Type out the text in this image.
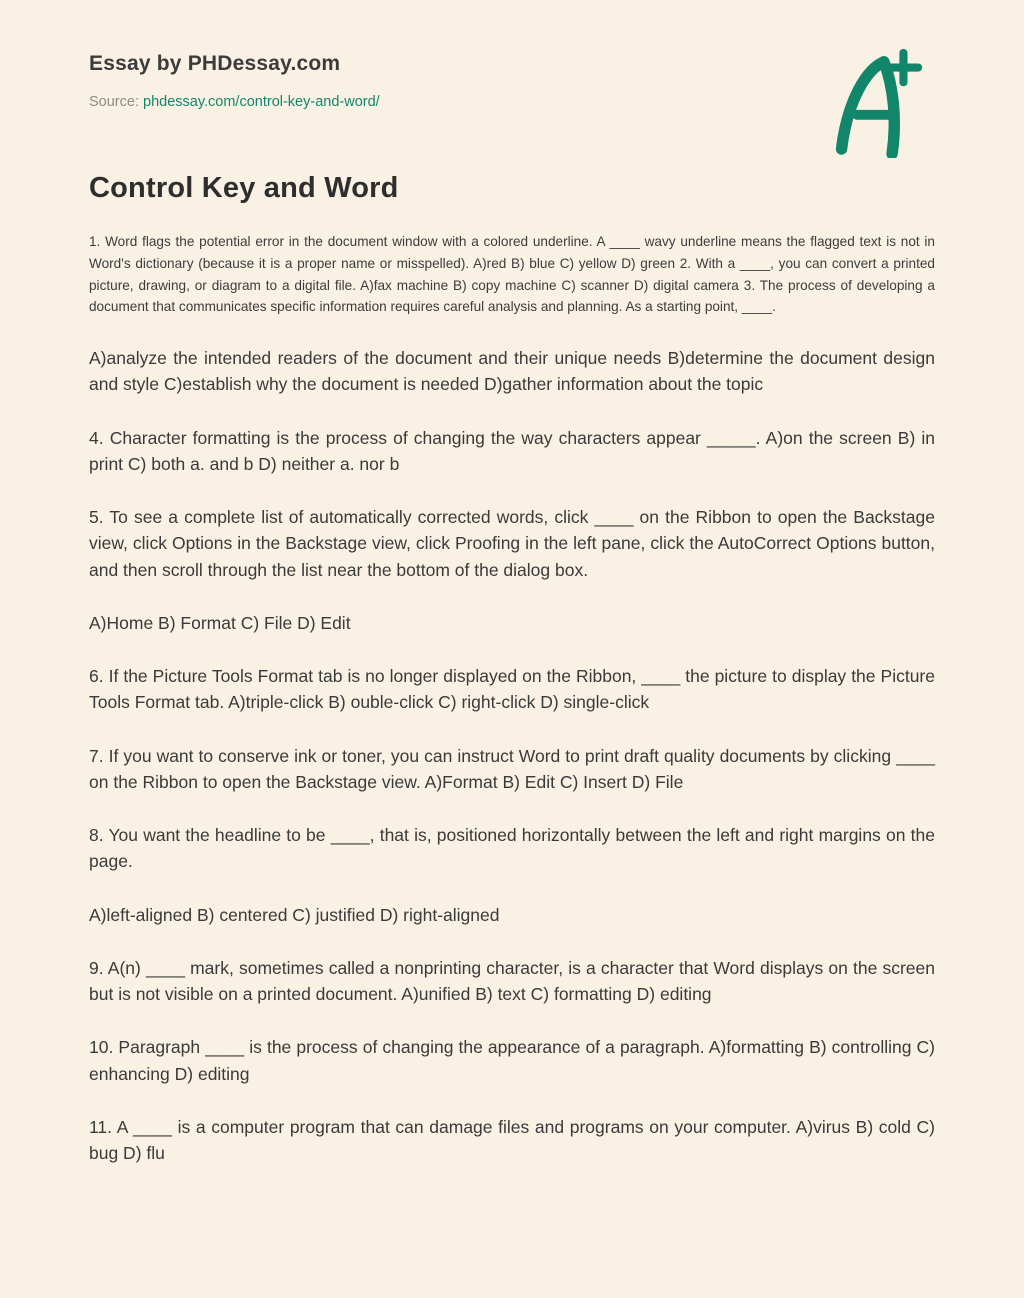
Essay by PHDessay.com

Source: phdessay.com/control-key-and-word/

Control Key and Word

1. Word flags the potential error in the document window with a colored underline. A ____ wavy underline means the flagged text is not in Word's dictionary (because it is a proper name or misspelled). A)red B) blue C) yellow D) green 2. With a ____, you can convert a printed picture, drawing, or diagram to a digital file. A)fax machine B) copy machine C) scanner D) digital camera 3. The process of developing a document that communicates specific information requires careful analysis and planning. As a starting point, ____.

A)analyze the intended readers of the document and their unique needs B)determine the document design and style C)establish why the document is needed D)gather information about the topic

4. Character formatting is the process of changing the way characters appear _____. A)on the screen B) in print C) both a. and b D) neither a. nor b

5. To see a complete list of automatically corrected words, click ____ on the Ribbon to open the Backstage view, click Options in the Backstage view, click Proofing in the left pane, click the AutoCorrect Options button, and then scroll through the list near the bottom of the dialog box.

A)Home B) Format C) File D) Edit

6. If the Picture Tools Format tab is no longer displayed on the Ribbon, ____ the picture to display the Picture Tools Format tab. A)triple-click B) ouble-click C) right-click D) single-click

7. If you want to conserve ink or toner, you can instruct Word to print draft quality documents by clicking ____ on the Ribbon to open the Backstage view. A)Format B) Edit C) Insert D) File

8. You want the headline to be ____, that is, positioned horizontally between the left and right margins on the page.

A)left-aligned B) centered C) justified D) right-aligned

9. A(n) ____ mark, sometimes called a nonprinting character, is a character that Word displays on the screen but is not visible on a printed document. A)unified B) text C) formatting D) editing

10. Paragraph ____ is the process of changing the appearance of a paragraph. A)formatting B) controlling C) enhancing D) editing

11. A ____ is a computer program that can damage files and programs on your computer. A)virus B) cold C) bug D) flu
